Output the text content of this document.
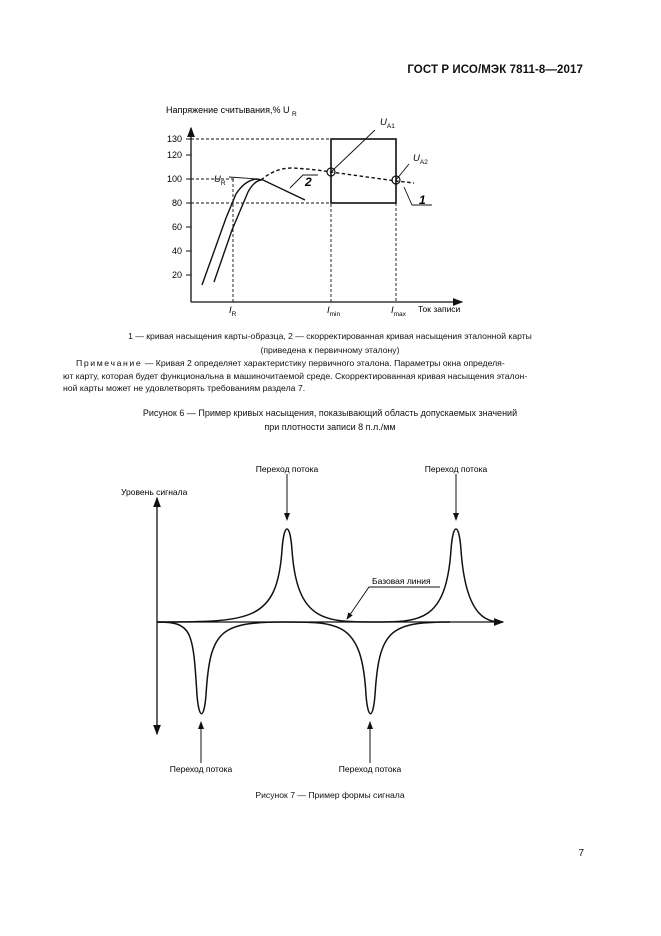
ГОСТ Р ИСО/МЭК 7811-8—2017
130
120
100
80
60
40
20
Напряжение считывания,% U $_R$
Ток записи
$I_R$	$I_{min}$	$I_{max}$
$U_R$
$U_{A1}$
$U_{A2}$
1
2
1 — кривая насыщения карты-образца, 2 — скорректированная кривая насыщения эталонной карты
(приведена к первичному эталону)
Примечание — Кривая 2 определяет характеристику первичного эталона. Параметры окна определя-
ют карту, которая будет функциональна в машиночитаемой среде. Скорректированная кривая насыщения эталон-
ной карты может не удовлетворять требованиям раздела 7.
Рисунок 6 — Пример кривых насыщения, показывающий область допускаемых значений
при плотности записи 8 п.л./мм
Уровень сигнала
Базовая линия
Переход потока	Переход потока
Переход потока	Переход потока
Рисунок 7 — Пример формы сигнала
7
